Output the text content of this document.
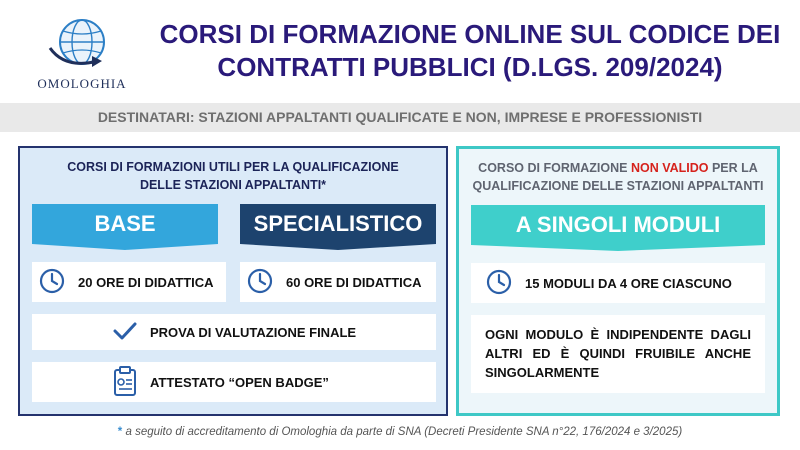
OMOLOGHIA
CORSI DI FORMAZIONE ONLINE SUL CODICE DEI
CONTRATTI PUBBLICI (D.LGS. 209/2024)
DESTINATARI: STAZIONI APPALTANTI QUALIFICATE E NON, IMPRESE E PROFESSIONISTI
CORSI DI FORMAZIONI UTILI PER LA QUALIFICAZIONE
DELLE STAZIONI APPALTANTI*
BASE	SPECIALISTICO
20 ORE DI DIDATTICA	60 ORE DI DIDATTICA
PROVA DI VALUTAZIONE FINALE
ATTESTATO “OPEN BADGE”
CORSO DI FORMAZIONE NON VALIDO PER LA
QUALIFICAZIONE DELLE STAZIONI APPALTANTI
A SINGOLI MODULI
15 MODULI DA 4 ORE CIASCUNO
OGNI MODULO È INDIPENDENTE DAGLI ALTRI ED È QUINDI FRUIBILE ANCHE SINGOLARMENTE
* a seguito di accreditamento di Omologhia da parte di SNA (Decreti Presidente SNA n°22, 176/2024 e 3/2025)
